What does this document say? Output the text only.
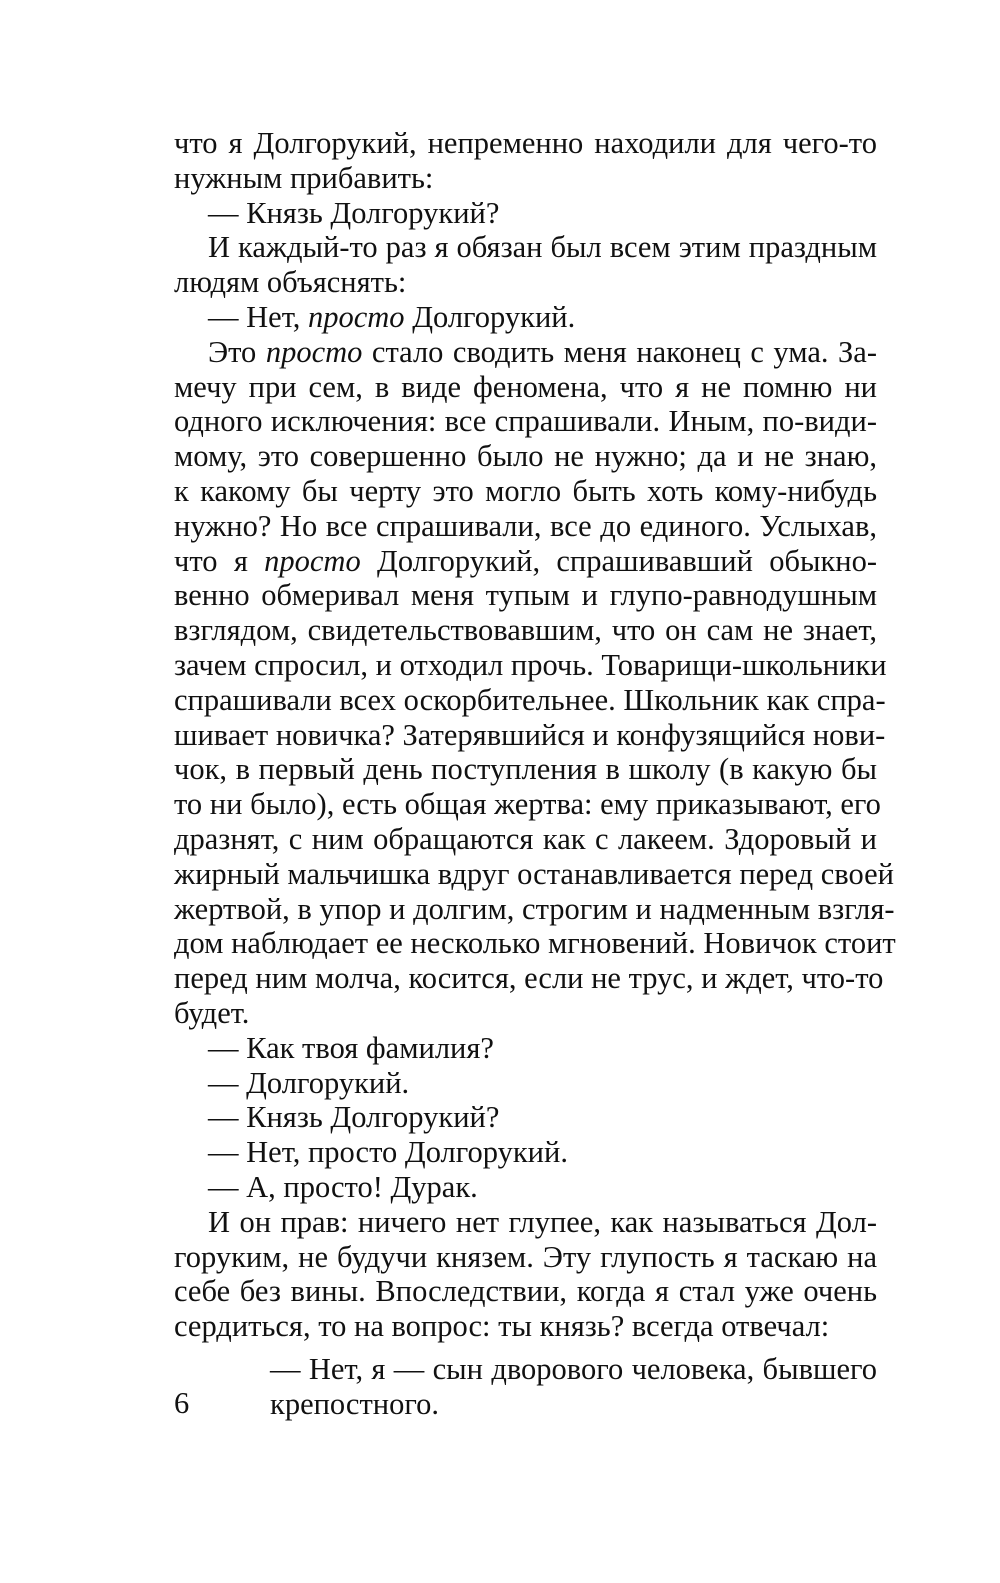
что я Долгорукий, непременно находили для чего-то
нужным прибавить:
— Князь Долгорукий?
И каждый-то раз я обязан был всем этим праздным
людям объяснять:
— Нет, просто Долгорукий.
Это просто стало сводить меня наконец с ума. За-
мечу при сем, в виде феномена, что я не помню ни
одного исключения: все спрашивали. Иным, по-види-
мому, это совершенно было не нужно; да и не знаю,
к какому бы черту это могло быть хоть кому-нибудь
нужно? Но все спрашивали, все до единого. Услыхав,
что я просто Долгорукий, спрашивавший обыкно-
венно обмеривал меня тупым и глупо-равнодушным
взглядом, свидетельствовавшим, что он сам не знает,
зачем спросил, и отходил прочь. Товарищи-школьники
спрашивали всех оскорбительнее. Школьник как спра-
шивает новичка? Затерявшийся и конфузящийся нови-
чок, в первый день поступления в школу (в какую бы
то ни было), есть общая жертва: ему приказывают, его
дразнят, с ним обращаются как с лакеем. Здоровый и
жирный мальчишка вдруг останавливается перед своей
жертвой, в упор и долгим, строгим и надменным взгля-
дом наблюдает ее несколько мгновений. Новичок стоит
перед ним молча, косится, если не трус, и ждет, что-то
будет.
— Как твоя фамилия?
— Долгорукий.
— Князь Долгорукий?
— Нет, просто Долгорукий.
— А, просто! Дурак.
И он прав: ничего нет глупее, как называться Дол-
горуким, не будучи князем. Эту глупость я таскаю на
себе без вины. Впоследствии, когда я стал уже очень
сердиться, то на вопрос: ты князь? всегда отвечал:
— Нет, я — сын дворового человека, бывшего
крепостного.
6
